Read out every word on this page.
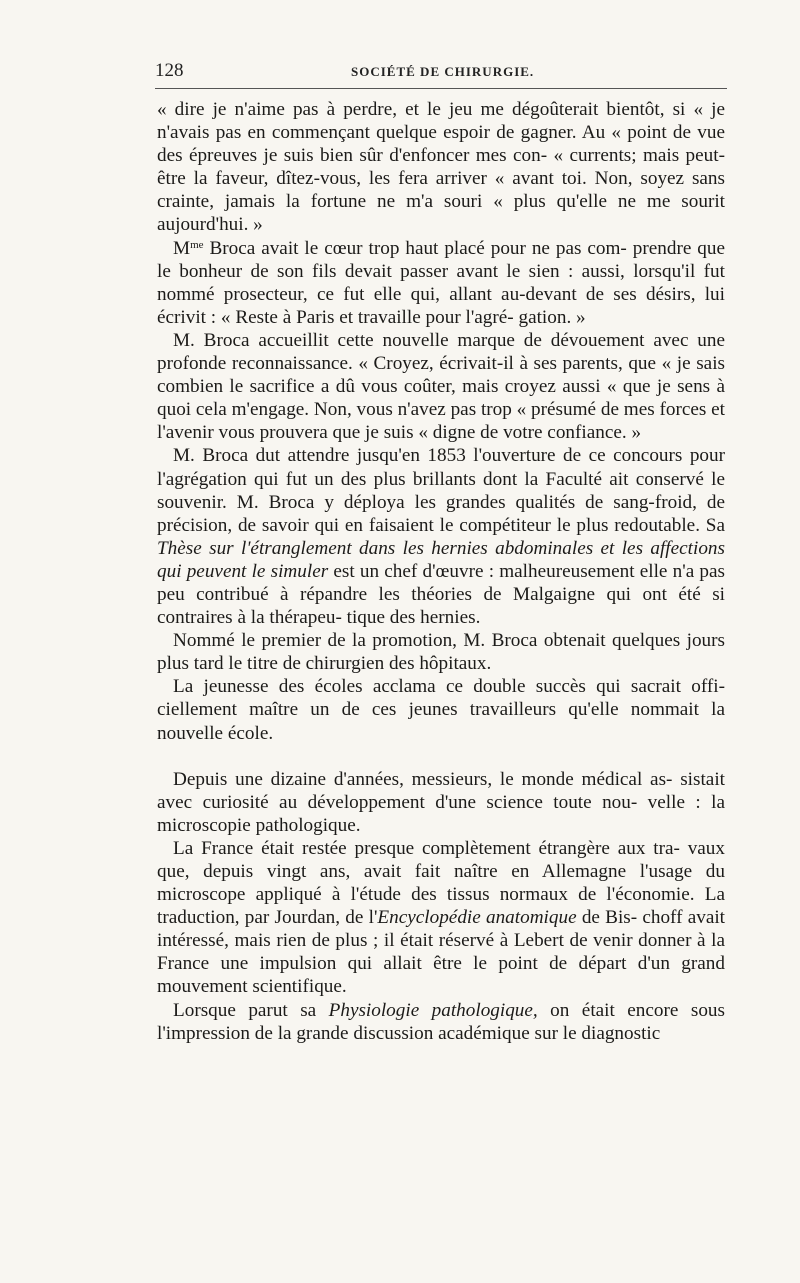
128	SOCIÉTÉ DE CHIRURGIE.

« dire je n'aime pas à perdre, et le jeu me dégoûterait bientôt, si « je n'avais pas en commençant quelque espoir de gagner. Au « point de vue des épreuves je suis bien sûr d'enfoncer mes con- « currents; mais peut-être la faveur, dîtez-vous, les fera arriver « avant toi. Non, soyez sans crainte, jamais la fortune ne m'a souri « plus qu'elle ne me sourit aujourd'hui. »

$M^{me}$ Broca avait le cœur trop haut placé pour ne pas com- prendre que le bonheur de son fils devait passer avant le sien : aussi, lorsqu'il fut nommé prosecteur, ce fut elle qui, allant au-devant de ses désirs, lui écrivit : « Reste à Paris et travaille pour l'agré- gation. »

M. Broca accueillit cette nouvelle marque de dévouement avec une profonde reconnaissance. « Croyez, écrivait-il à ses parents, que « je sais combien le sacrifice a dû vous coûter, mais croyez aussi « que je sens à quoi cela m'engage. Non, vous n'avez pas trop « présumé de mes forces et l'avenir vous prouvera que je suis « digne de votre confiance. »

M. Broca dut attendre jusqu'en 1853 l'ouverture de ce concours pour l'agrégation qui fut un des plus brillants dont la Faculté ait conservé le souvenir. M. Broca y déploya les grandes qualités de sang-froid, de précision, de savoir qui en faisaient le compétiteur le plus redoutable. Sa Thèse sur l'étranglement dans les hernies abdominales et les affections qui peuvent le simuler est un chef d'œuvre : malheureusement elle n'a pas peu contribué à répandre les théories de Malgaigne qui ont été si contraires à la thérapeu- tique des hernies.

Nommé le premier de la promotion, M. Broca obtenait quelques jours plus tard le titre de chirurgien des hôpitaux.

La jeunesse des écoles acclama ce double succès qui sacrait offi- ciellement maître un de ces jeunes travailleurs qu'elle nommait la nouvelle école.

Depuis une dizaine d'années, messieurs, le monde médical as- sistait avec curiosité au développement d'une science toute nou- velle : la microscopie pathologique.

La France était restée presque complètement étrangère aux tra- vaux que, depuis vingt ans, avait fait naître en Allemagne l'usage du microscope appliqué à l'étude des tissus normaux de l'économie. La traduction, par Jourdan, de l'Encyclopédie anatomique de Bis- choff avait intéressé, mais rien de plus ; il était réservé à Lebert de venir donner à la France une impulsion qui allait être le point de départ d'un grand mouvement scientifique.

Lorsque parut sa Physiologie pathologique, on était encore sous l'impression de la grande discussion académique sur le diagnostic
